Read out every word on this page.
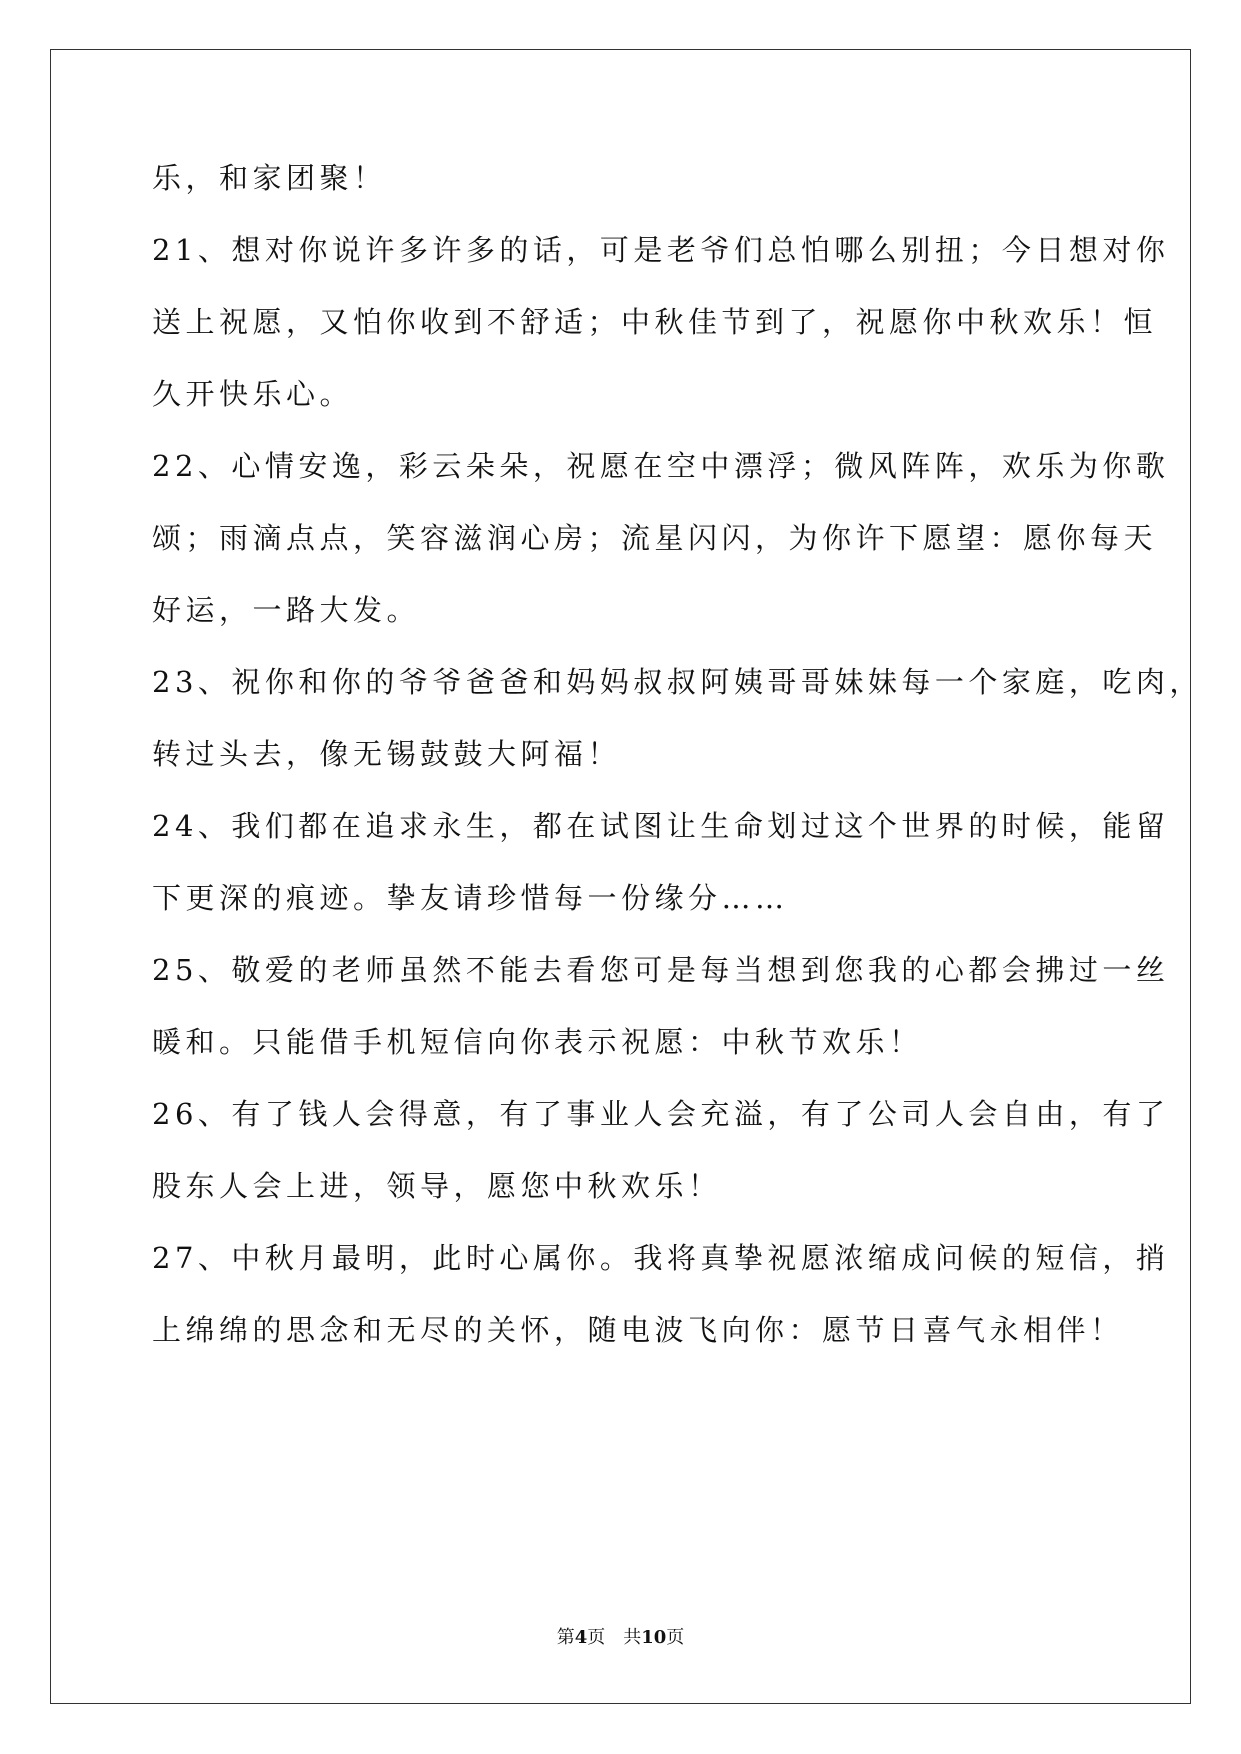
乐，和家团聚！
21、想对你说许多许多的话，可是老爷们总怕哪么别扭；今日想对你
送上祝愿，又怕你收到不舒适；中秋佳节到了，祝愿你中秋欢乐！恒
久开快乐心。
22、心情安逸，彩云朵朵，祝愿在空中漂浮；微风阵阵，欢乐为你歌
颂；雨滴点点，笑容滋润心房；流星闪闪，为你许下愿望：愿你每天
好运，一路大发。
23、祝你和你的爷爷爸爸和妈妈叔叔阿姨哥哥妹妹每一个家庭，吃肉，
转过头去，像无锡鼓鼓大阿福！
24、我们都在追求永生，都在试图让生命划过这个世界的时候，能留
下更深的痕迹。挚友请珍惜每一份缘分……
25、敬爱的老师虽然不能去看您可是每当想到您我的心都会拂过一丝
暖和。只能借手机短信向你表示祝愿：中秋节欢乐！
26、有了钱人会得意，有了事业人会充溢，有了公司人会自由，有了
股东人会上进，领导，愿您中秋欢乐！
27、中秋月最明，此时心属你。我将真挚祝愿浓缩成问候的短信，捎
上绵绵的思念和无尽的关怀，随电波飞向你：愿节日喜气永相伴！
第4页 共10页
